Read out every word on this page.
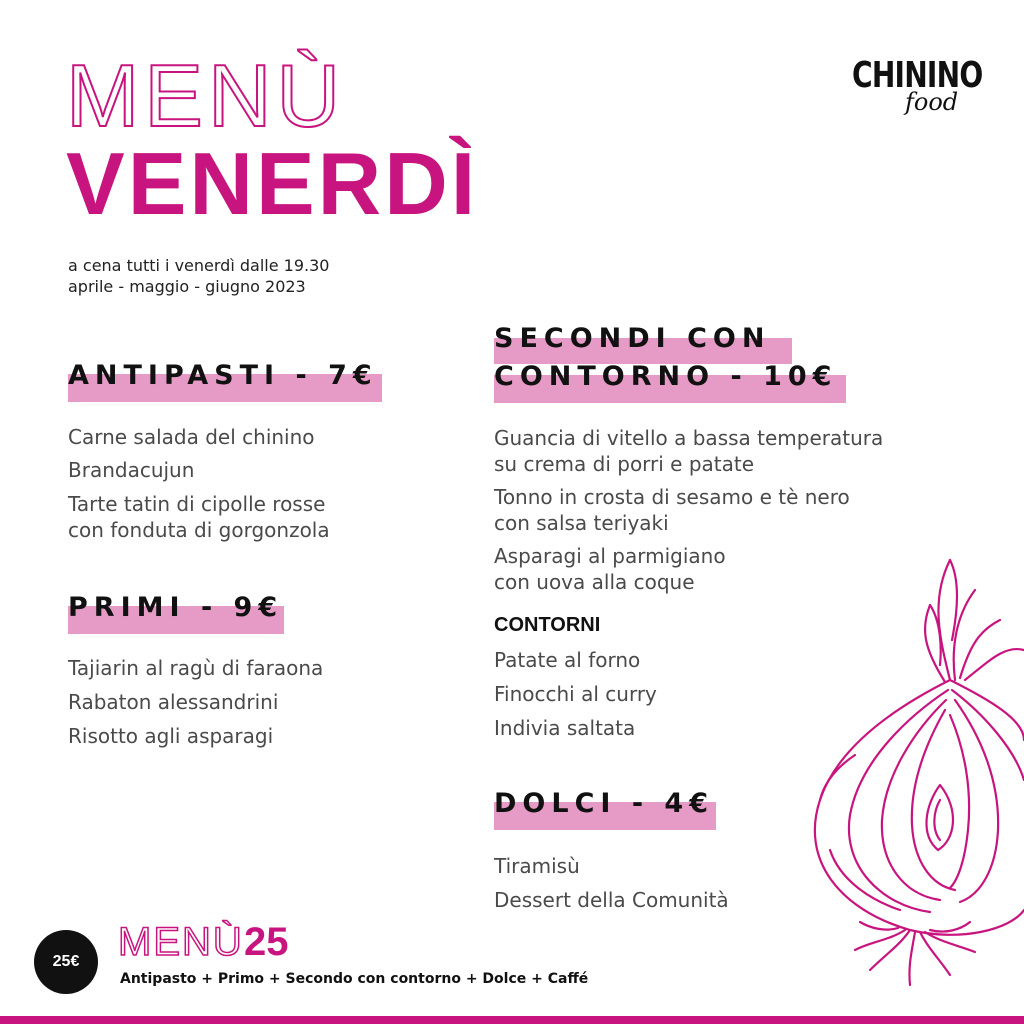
MENÙ
VENERDÌ
a cena tutti i venerdì dalle 19.30
aprile - maggio - giugno 2023
CHININO
food
ANTIPASTI - 7€
Carne salada del chinino
Brandacujun
Tarte tatin di cipolle rosse
con fonduta di gorgonzola
PRIMI - 9€
Tajiarin al ragù di faraona
Rabaton alessandrini
Risotto agli asparagi
SECONDI CON
CONTORNO - 10€
Guancia di vitello a bassa temperatura
su crema di porri e patate
Tonno in crosta di sesamo e tè nero
con salsa teriyaki
Asparagi al parmigiano
con uova alla coque
CONTORNI
Patate al forno
Finocchi al curry
Indivia saltata
DOLCI - 4€
Tiramisù
Dessert della Comunità
25€ MENÙ 25
Antipasto + Primo + Secondo con contorno + Dolce + Caffé
